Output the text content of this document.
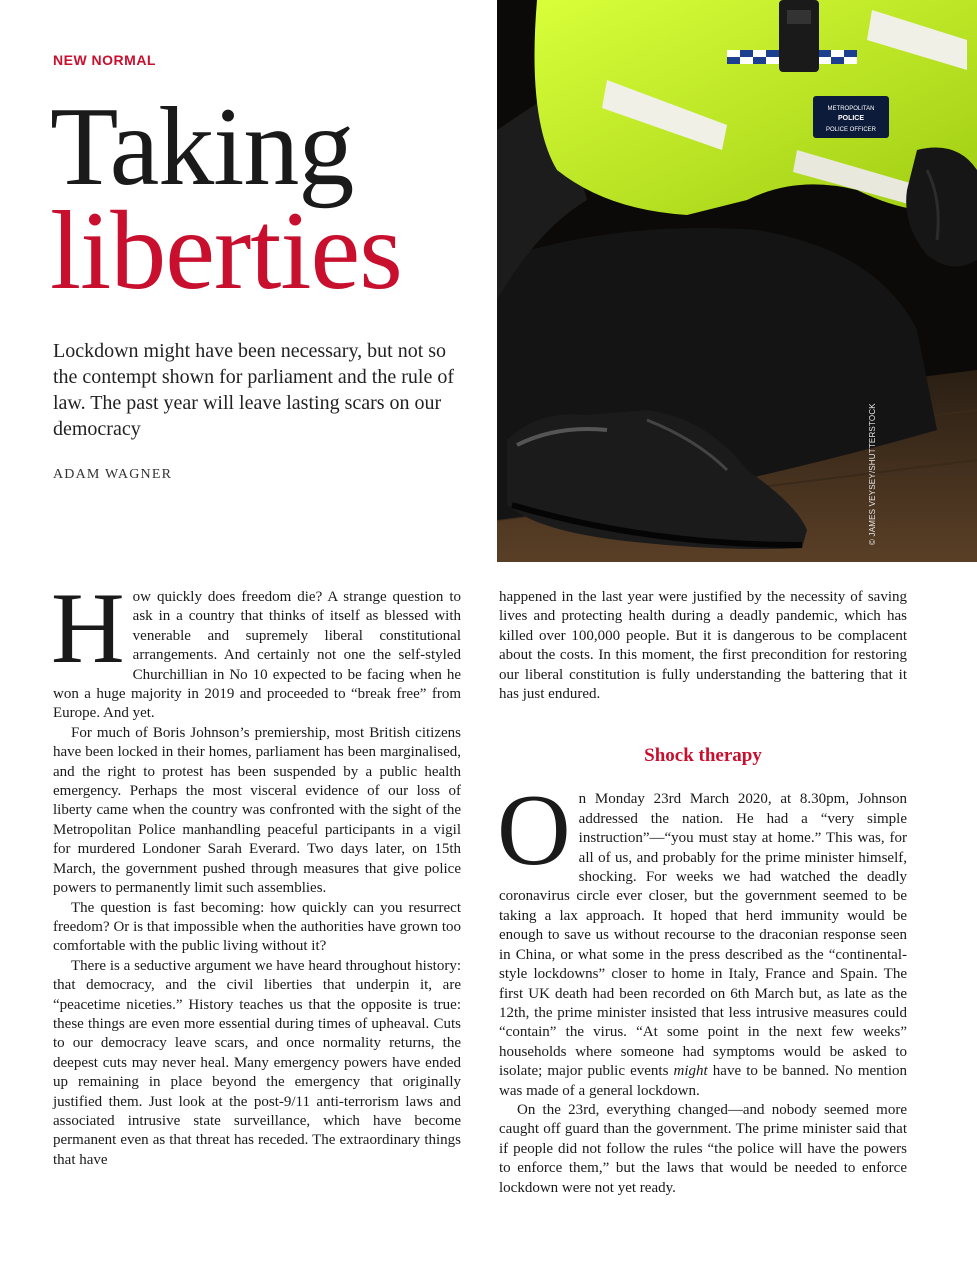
NEW NORMAL
Taking
liberties
Lockdown might have been necessary, but not so the contempt shown for parliament and the rule of law. The past year will leave lasting scars on our democracy
ADAM WAGNER
METROPOLITAN
POLICE
POLICE OFFICER
© JAMES VEYSEY/SHUTTERSTOCK

How quickly does freedom die? A strange question to ask in a country that thinks of itself as blessed with venerable and supremely liberal constitutional arrangements. And certainly not one the self-styled Churchillian in No 10 expected to be facing when he won a huge majority in 2019 and proceeded to “break free” from Europe. And yet.

For much of Boris Johnson’s premiership, most British citizens have been locked in their homes, parliament has been marginalised, and the right to protest has been suspended by a public health emergency. Perhaps the most visceral evidence of our loss of liberty came when the country was confronted with the sight of the Metropolitan Police manhandling peaceful participants in a vigil for murdered Londoner Sarah Everard. Two days later, on 15th March, the government pushed through measures that give police powers to permanently limit such assemblies.

The question is fast becoming: how quickly can you resurrect freedom? Or is that impossible when the authorities have grown too comfortable with the public living without it?

There is a seductive argument we have heard throughout history: that democracy, and the civil liberties that underpin it, are “peacetime niceties.” History teaches us that the opposite is true: these things are even more essential during times of upheaval. Cuts to our democracy leave scars, and once normality returns, the deepest cuts may never heal. Many emergency powers have ended up remaining in place beyond the emergency that originally justified them. Just look at the post-9/11 anti-terrorism laws and associated intrusive state surveillance, which have become permanent even as that threat has receded. The extraordinary things that have

happened in the last year were justified by the necessity of saving lives and protecting health during a deadly pandemic, which has killed over 100,000 people. But it is dangerous to be complacent about the costs. In this moment, the first precondition for restoring our liberal constitution is fully understanding the battering that it has just endured.

Shock therapy

On Monday 23rd March 2020, at 8.30pm, Johnson addressed the nation. He had a “very simple instruction”—“you must stay at home.” This was, for all of us, and probably for the prime minister himself, shocking. For weeks we had watched the deadly coronavirus circle ever closer, but the government seemed to be taking a lax approach. It hoped that herd immunity would be enough to save us without recourse to the draconian response seen in China, or what some in the press described as the “continental-style lockdowns” closer to home in Italy, France and Spain. The first UK death had been recorded on 6th March but, as late as the 12th, the prime minister insisted that less intrusive measures could “contain” the virus. “At some point in the next few weeks” households where someone had symptoms would be asked to isolate; major public events might have to be banned. No mention was made of a general lockdown.

On the 23rd, everything changed—and nobody seemed more caught off guard than the government. The prime minister said that if people did not follow the rules “the police will have the powers to enforce them,” but the laws that would be needed to enforce lockdown were not yet ready.
